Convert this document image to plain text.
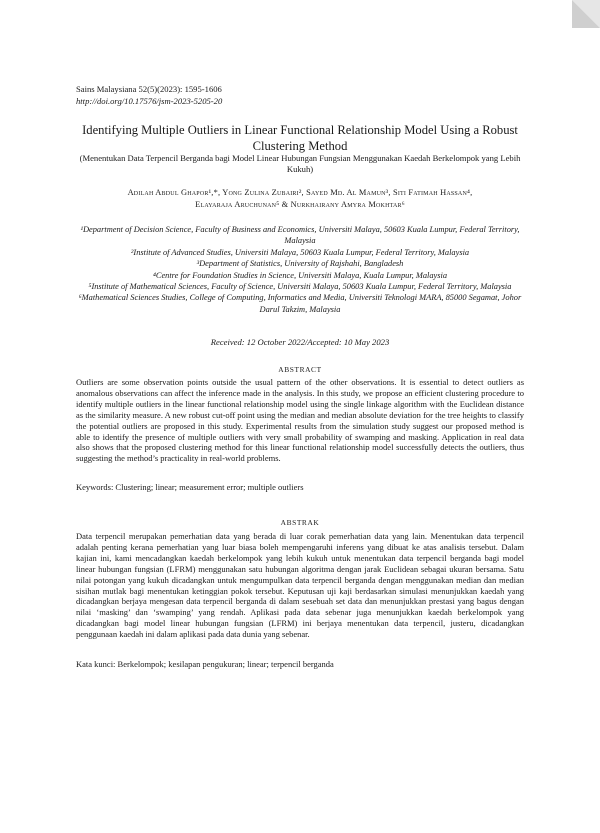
Sains Malaysiana 52(5)(2023): 1595-1606
http://doi.org/10.17576/jsm-2023-5205-20
Identifying Multiple Outliers in Linear Functional Relationship Model Using a Robust Clustering Method
(Menentukan Data Terpencil Berganda bagi Model Linear Hubungan Fungsian Menggunakan Kaedah Berkelompok yang Lebih Kukuh)
Adilah Abdul Ghapor¹,*, Yong Zulina Zubairi², Sayed Md. Al Mamun³, Siti Fatimah Hassan⁴,
Elayaraja Aruchunan⁵ & Nurkhairany Amyra Mokhtar⁶

¹Department of Decision Science, Faculty of Business and Economics, Universiti Malaya, 50603 Kuala Lumpur, Federal Territory, Malaysia

²Institute of Advanced Studies, Universiti Malaya, 50603 Kuala Lumpur, Federal Territory, Malaysia

³Department of Statistics, University of Rajshahi, Bangladesh

⁴Centre for Foundation Studies in Science, Universiti Malaya, Kuala Lumpur, Malaysia

⁵Institute of Mathematical Sciences, Faculty of Science, Universiti Malaya, 50603 Kuala Lumpur, Federal Territory, Malaysia

⁶Mathematical Sciences Studies, College of Computing, Informatics and Media, Universiti Teknologi MARA, 85000 Segamat, Johor Darul Takzim, Malaysia

Received: 12 October 2022/Accepted: 10 May 2023
ABSTRACT
Outliers are some observation points outside the usual pattern of the other observations. It is essential to detect outliers as anomalous observations can affect the inference made in the analysis. In this study, we propose an efficient clustering procedure to identify multiple outliers in the linear functional relationship model using the single linkage algorithm with the Euclidean distance as the similarity measure. A new robust cut-off point using the median and median absolute deviation for the tree heights to classify the potential outliers are proposed in this study. Experimental results from the simulation study suggest our proposed method is able to identify the presence of multiple outliers with very small probability of swamping and masking. Application in real data also shows that the proposed clustering method for this linear functional relationship model successfully detects the outliers, thus suggesting the method’s practicality in real-world problems.
Keywords: Clustering; linear; measurement error; multiple outliers
ABSTRAK
Data terpencil merupakan pemerhatian data yang berada di luar corak pemerhatian data yang lain. Menentukan data terpencil adalah penting kerana pemerhatian yang luar biasa boleh mempengaruhi inferens yang dibuat ke atas analisis tersebut. Dalam kajian ini, kami mencadangkan kaedah berkelompok yang lebih kukuh untuk menentukan data terpencil berganda bagi model linear hubungan fungsian (LFRM) menggunakan satu hubungan algoritma dengan jarak Euclidean sebagai ukuran bersama. Satu nilai potongan yang kukuh dicadangkan untuk mengumpulkan data terpencil berganda dengan menggunakan median dan median sisihan mutlak bagi menentukan ketinggian pokok tersebut. Keputusan uji kaji berdasarkan simulasi menunjukkan kaedah yang dicadangkan berjaya mengesan data terpencil berganda di dalam sesebuah set data dan menunjukkan prestasi yang bagus dengan nilai ‘masking’ dan ‘swamping’ yang rendah. Aplikasi pada data sebenar juga menunjukkan kaedah berkelompok yang dicadangkan bagi model linear hubungan fungsian (LFRM) ini berjaya menentukan data terpencil, justeru, dicadangkan penggunaan kaedah ini dalam aplikasi pada data dunia yang sebenar.
Kata kunci: Berkelompok; kesilapan pengukuran; linear; terpencil berganda
